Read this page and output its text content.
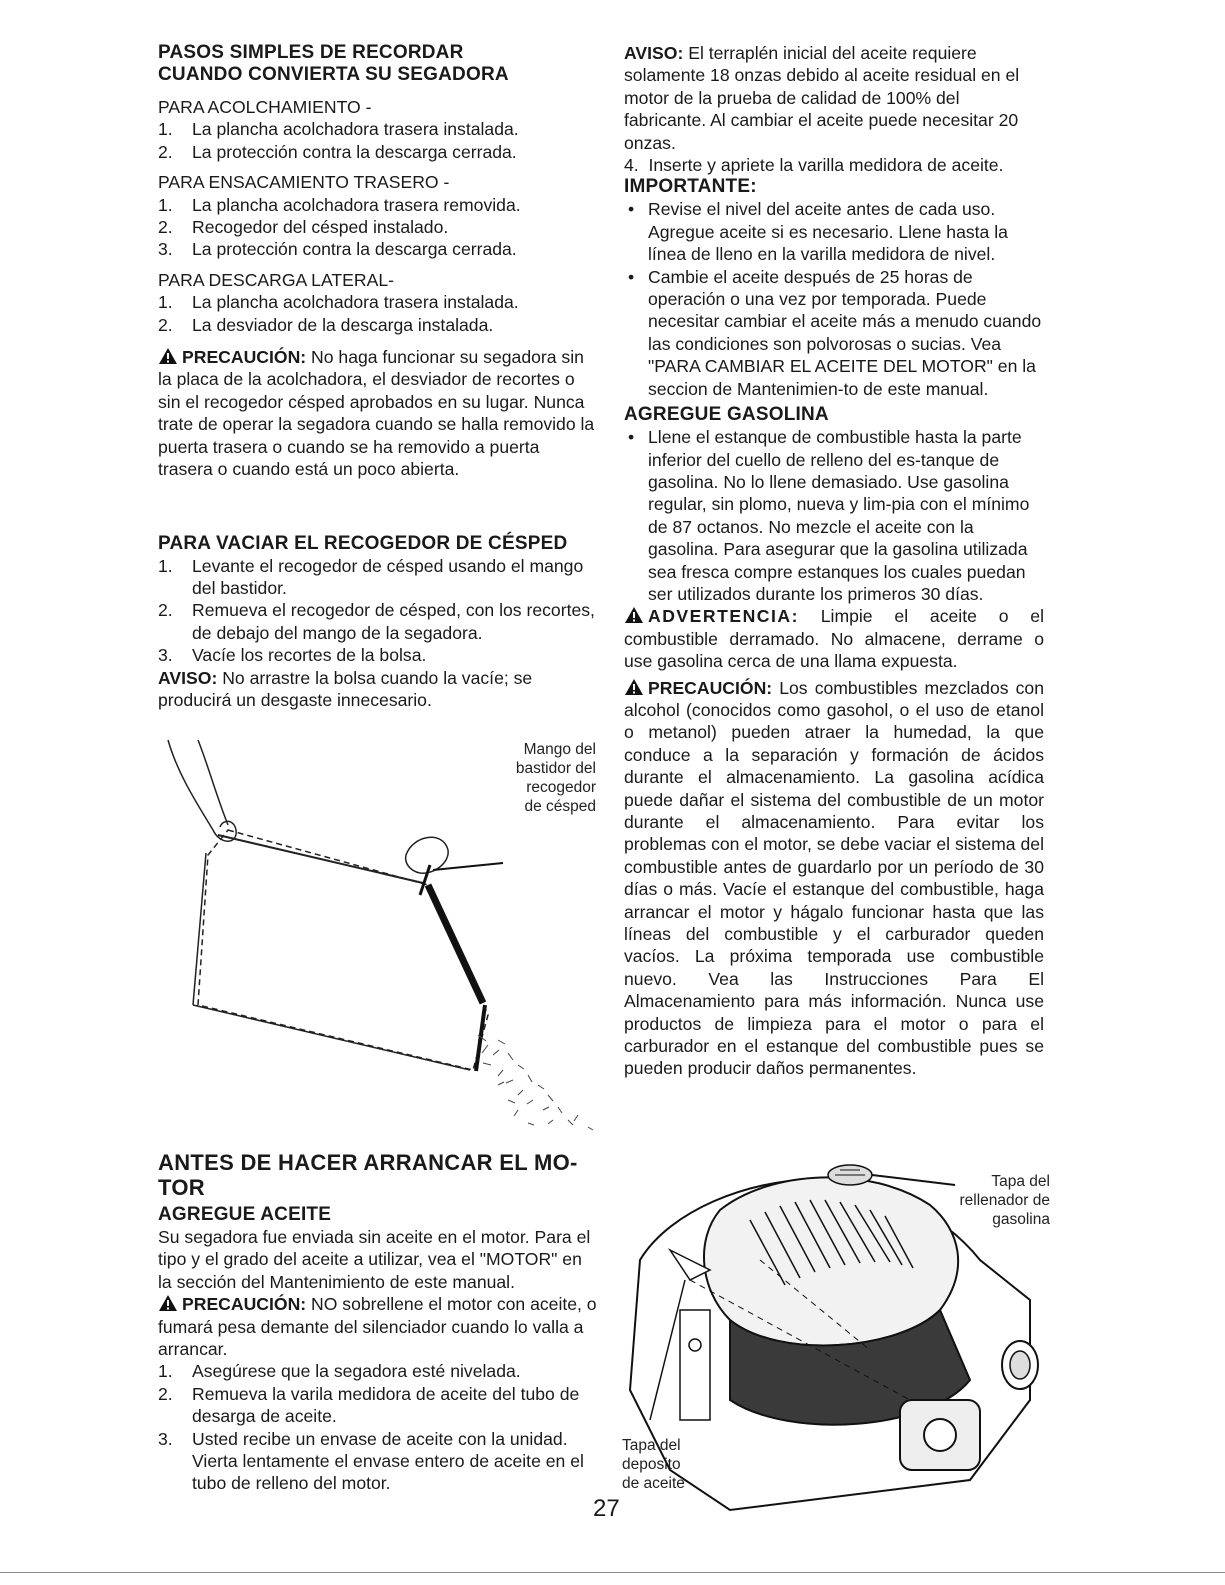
PASOS SIMPLES DE RECORDAR
CUANDO CONVIERTA SU SEGADORA
PARA ACOLCHAMIENTO -
1. La plancha acolchadora trasera instalada.
2. La protección contra la descarga cerrada.
PARA ENSACAMIENTO TRASERO -
1. La plancha acolchadora trasera removida.
2. Recogedor del césped instalado.
3. La protección contra la descarga cerrada.
PARA DESCARGA LATERAL-
1. La plancha acolchadora trasera instalada.
2. La desviador de la descarga instalada.

PRECAUCIÓN: No haga funcionar su segadora sin la placa de la acolchadora, el desviador de recortes o sin el recogedor césped aprobados en su lugar. Nunca trate de operar la segadora cuando se halla removido la puerta trasera o cuando se ha removido a puerta trasera o cuando está un poco abierta.

PARA VACIAR EL RECOGEDOR DE CÉSPED
1. Levante el recogedor de césped usando el mango del bastidor.
2. Remueva el recogedor de césped, con los recortes, de debajo del mango de la segadora.
3. Vacíe los recortes de la bolsa.

AVISO: No arrastre la bolsa cuando la vacíe; se producirá un desgaste innecesario.

Mango del
bastidor del
recogedor
de césped
ANTES DE HACER ARRANCAR EL MO-
TOR
AGREGUE ACEITE

Su segadora fue enviada sin aceite en el motor. Para el tipo y el grado del aceite a utilizar, vea el "MOTOR" en la sección del Mantenimiento de este manual.

PRECAUCIÓN: NO sobrellene el motor con aceite, o fumará pesa demante del silenciador cuando lo valla a arrancar.

1. Asegúrese que la segadora esté nivelada.
2. Remueva la varila medidora de aceite del tubo de desarga de aceite.
3. Usted recibe un envase de aceite con la unidad. Vierta lentamente el envase entero de aceite en el tubo de relleno del motor.

AVISO: El terraplén inicial del aceite requiere solamente 18 onzas debido al aceite residual en el motor de la prueba de calidad de 100% del fabricante. Al cambiar el aceite puede necesitar 20 onzas.

4.  Inserte y apriete la varilla medidora de aceite.

IMPORTANTE:
• Revise el nivel del aceite antes de cada uso. Agregue aceite si es necesario. Llene hasta la línea de lleno en la varilla medidora de nivel.
• Cambie el aceite después de 25 horas de operación o una vez por temporada. Puede necesitar cambiar el aceite más a menudo cuando las condiciones son polvorosas o sucias. Vea "PARA CAMBIAR EL ACEITE DEL MOTOR" en la seccion de Mantenimien-to de este manual.
AGREGUE GASOLINA
• Llene el estanque de combustible hasta la parte inferior del cuello de relleno del es-tanque de gasolina. No lo llene demasiado. Use gasolina regular, sin plomo, nueva y lim-pia con el mínimo de 87 octanos. No mezcle el aceite con la gasolina. Para asegurar que la gasolina utilizada sea fresca compre estanques los cuales puedan ser utilizados durante los primeros 30 días.

ADVERTENCIA: Limpie el aceite o el combustible derramado. No almacene, derrame o use gasolina cerca de una llama expuesta.

PRECAUCIÓN: Los combustibles mezclados con alcohol (conocidos como gasohol, o el uso de etanol o metanol) pueden atraer la humedad, la que conduce a la separación y formación de ácidos durante el almacenamiento. La gasolina acídica puede dañar el sistema del combustible de un motor durante el almacenamiento. Para evitar los problemas con el motor, se debe vaciar el sistema del combustible antes de guardarlo por un período de 30 días o más. Vacíe el estanque del combustible, haga arrancar el motor y hágalo funcionar hasta que las líneas del combustible y el carburador queden vacíos. La próxima temporada use combustible nuevo. Vea las Instrucciones Para El Almacenamiento para más información. Nunca use productos de limpieza para el motor o para el carburador en el estanque del combustible pues se pueden producir daños permanentes.

Tapa del
rellenador de
gasolina
Tapa del
deposito
de aceite
27
